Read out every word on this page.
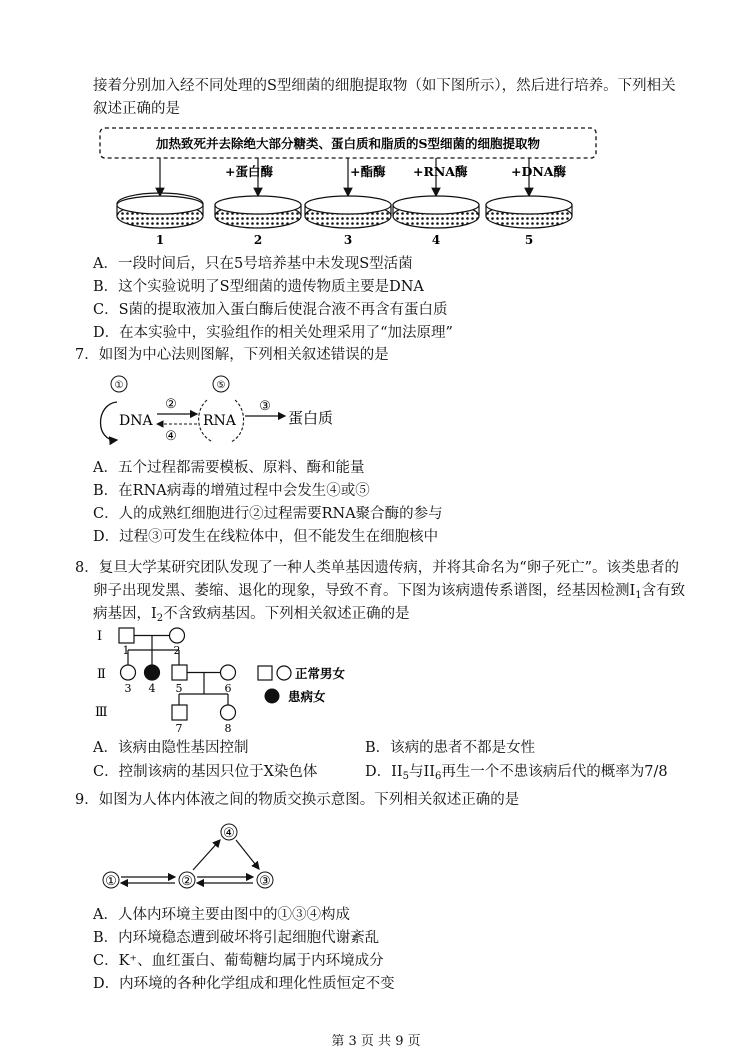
接着分别加入经不同处理的S型细菌的细胞提取物（如下图所示），然后进行培养。下列相关
叙述正确的是
加热致死并去除绝大部分糖类、蛋白质和脂质的S型细菌的细胞提取物
+蛋白酶	+酯酶 +RNA酶	+DNA酶
1	2	3	4	5
A．一段时间后，只在5号培养基中未发现S型活菌
B．这个实验说明了S型细菌的遗传物质主要是DNA
C．S菌的提取液加入蛋白酶后使混合液不再含有蛋白质
D．在本实验中，实验组作的相关处理采用了“加法原理”
7．如图为中心法则图解，下列相关叙述错误的是
①
DNA
②
④
⑤
RNA
③
蛋白质
A．五个过程都需要模板、原料、酶和能量
B．在RNA病毒的增殖过程中会发生④或⑤
C．人的成熟红细胞进行②过程需要RNA聚合酶的参与
D．过程③可发生在线粒体中，但不能发生在细胞核中
8．复旦大学某研究团队发现了一种人类单基因遗传病，并将其命名为“卵子死亡”。该类患者的
卵子出现发黑、萎缩、退化的现象，导致不育。下图为该病遗传系谱图，经基因检测$I_1$含有致
病基因，$I_2$不含致病基因。下列相关叙述正确的是
Ⅰ
Ⅱ
Ⅲ
1	2
3 4 5	6
7	8
正常男女
患病女
A．该病由隐性基因控制	B．该病的患者不都是女性
C．控制该病的基因只位于X染色体	D．$II_5$与$II_6$再生一个不患该病后代的概率为7/8
9．如图为人体内体液之间的物质交换示意图。下列相关叙述正确的是
④
①	②	③
A．人体内环境主要由图中的①③④构成
B．内环境稳态遭到破坏将引起细胞代谢紊乱
C．K⁺、血红蛋白、葡萄糖均属于内环境成分
D．内环境的各种化学组成和理化性质恒定不变
第 3 页 共 9 页
